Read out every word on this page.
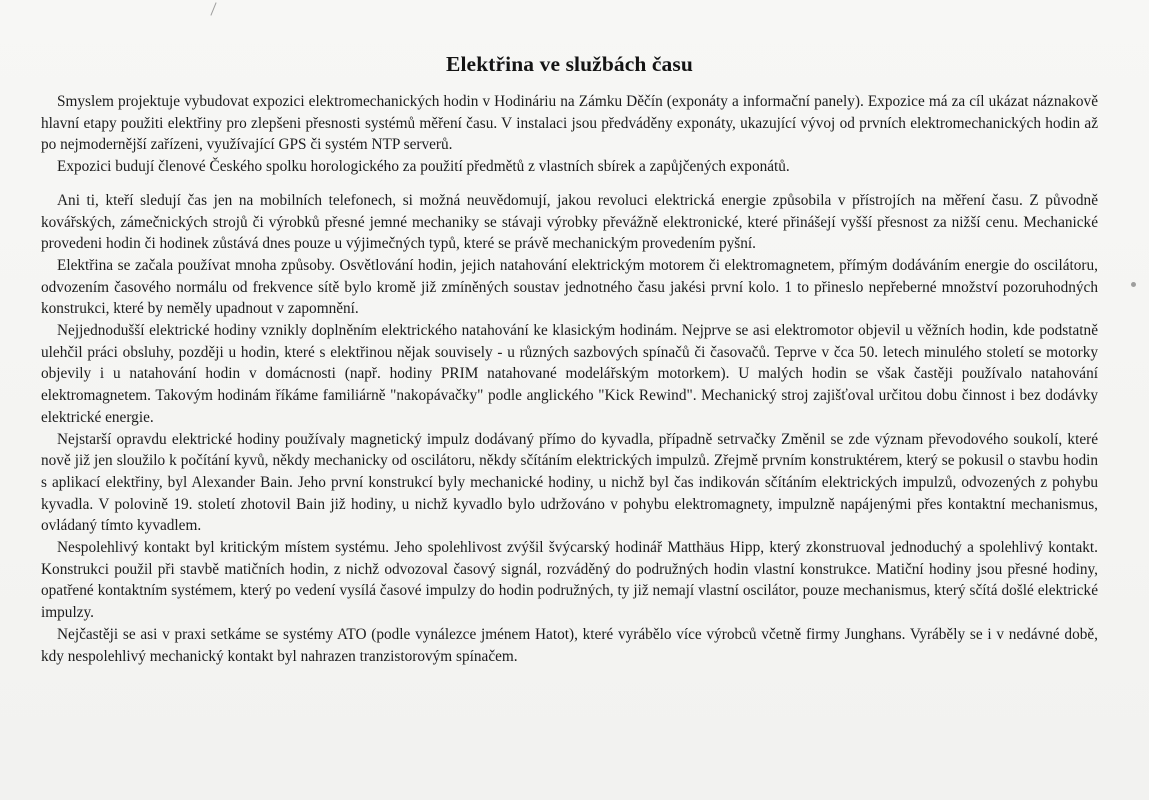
Elektřina ve službách času

Smyslem projektuje vybudovat expozici elektromechanických hodin v Hodináriu na Zámku Děčín (exponáty a informační panely). Expozice má za cíl ukázat náznakově hlavní etapy použiti elektřiny pro zlepšeni přesnosti systémů měření času. V instalaci jsou předváděny exponáty, ukazující vývoj od prvních elektromechanických hodin až po nejmodernější zařízeni, využívající GPS či systém NTP serverů.

Expozici budují členové Českého spolku horologického za použití předmětů z vlastních sbírek a zapůjčených exponátů.

Ani ti, kteří sledují čas jen na mobilních telefonech, si možná neuvědomují, jakou revoluci elektrická energie způsobila v přístrojích na měření času. Z původně kovářských, zámečnických strojů či výrobků přesné jemné mechaniky se stávaji výrobky převážně elektronické, které přinášejí vyšší přesnost za nižší cenu. Mechanické provedeni hodin či hodinek zůstává dnes pouze u výjimečných typů, které se právě mechanickým provedením pyšní.

Elektřina se začala používat mnoha způsoby. Osvětlování hodin, jejich natahování elektrickým motorem či elektromagnetem, přímým dodáváním energie do oscilátoru, odvozením časového normálu od frekvence sítě bylo kromě již zmíněných soustav jednotného času jakési první kolo. 1 to přineslo nepřeberné množství pozoruhodných konstrukci, které by neměly upadnout v zapomnění.

Nejjednodušší elektrické hodiny vznikly doplněním elektrického natahování ke klasickým hodinám. Nejprve se asi elektromotor objevil u věžních hodin, kde podstatně ulehčil práci obsluhy, později u hodin, které s elektřinou nějak souvisely - u různých sazbových spínačů či časovačů. Teprve v čca 50. letech minulého století se motorky objevily i u natahování hodin v domácnosti (např. hodiny PRIM natahované modelářským motorkem). U malých hodin se však častěji používalo natahování elektromagnetem. Takovým hodinám říkáme familiárně "nakopávačky" podle anglického "Kick Rewind". Mechanický stroj zajišťoval určitou dobu činnost i bez dodávky elektrické energie.

Nejstarší opravdu elektrické hodiny používaly magnetický impulz dodávaný přímo do kyvadla, případně setrvačky Změnil se zde význam převodového soukolí, které nově již jen sloužilo k počítání kyvů, někdy mechanicky od oscilátoru, někdy sčítáním elektrických impulzů. Zřejmě prvním konstruktérem, který se pokusil o stavbu hodin s aplikací elektřiny, byl Alexander Bain. Jeho první konstrukcí byly mechanické hodiny, u nichž byl čas indikován sčítáním elektrických impulzů, odvozených z pohybu kyvadla. V polovině 19. století zhotovil Bain již hodiny, u nichž kyvadlo bylo udržováno v pohybu elektromagnety, impulzně napájenými přes kontaktní mechanismus, ovládaný tímto kyvadlem.

Nespolehlivý kontakt byl kritickým místem systému. Jeho spolehlivost zvýšil švýcarský hodinář Matthäus Hipp, který zkonstruoval jednoduchý a spolehlivý kontakt. Konstrukci použil při stavbě matičních hodin, z nichž odvozoval časový signál, rozváděný do podružných hodin vlastní konstrukce. Matiční hodiny jsou přesné hodiny, opatřené kontaktním systémem, který po vedení vysílá časové impulzy do hodin podružných, ty již nemají vlastní oscilátor, pouze mechanismus, který sčítá došlé elektrické impulzy.

Nejčastěji se asi v praxi setkáme se systémy ATO (podle vynálezce jménem Hatot), které vyrábělo více výrobců včetně firmy Junghans. Vyráběly se i v nedávné době, kdy nespolehlivý mechanický kontakt byl nahrazen tranzistorovým spínačem.
